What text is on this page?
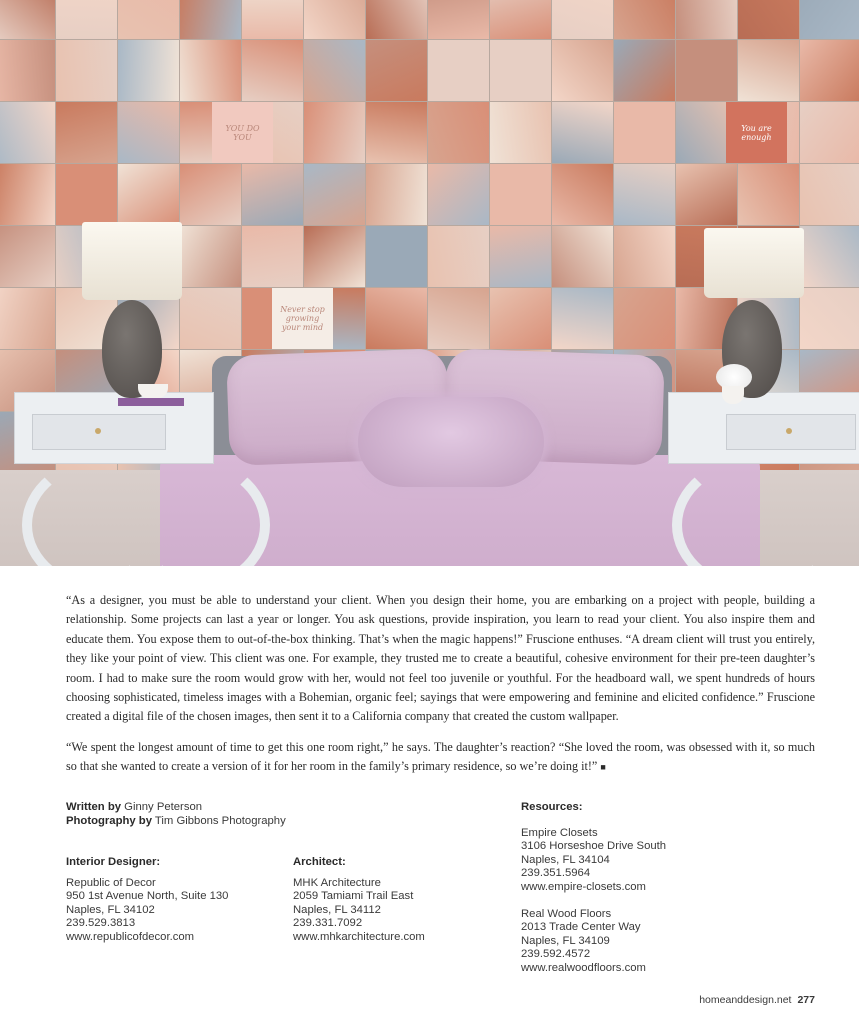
YOU DO YOU
You are enough
Never stop growing your mind

“As a designer, you must be able to understand your client. When you design their home, you are embarking on a project with people, building a relationship. Some projects can last a year or longer. You ask questions, provide inspiration, you learn to read your client. You also inspire them and educate them. You expose them to out-of-the-box thinking. That’s when the magic happens!” Fruscione enthuses. “A dream client will trust you entirely, they like your point of view. This client was one. For example, they trusted me to create a beautiful, cohesive environment for their pre-teen daughter’s room. I had to make sure the room would grow with her, would not feel too juvenile or youthful. For the headboard wall, we spent hundreds of hours choosing sophisticated, timeless images with a Bohemian, organic feel; sayings that were empowering and feminine and elicited confidence.” Fruscione created a digital file of the chosen images, then sent it to a California company that created the custom wallpaper.

“We spent the longest amount of time to get this one room right,” he says. The daughter’s reaction? “She loved the room, was obsessed with it, so much so that she wanted to create a version of it for her room in the family’s primary residence, so we’re doing it!” ■

Written by Ginny Peterson
Photography by Tim Gibbons Photography
Interior Designer:
Republic of Decor
950 1st Avenue North, Suite 130
Naples, FL 34102
239.529.3813
www.republicofdecor.com
Architect:
MHK Architecture
2059 Tamiami Trail East
Naples, FL 34112
239.331.7092
www.mhkarchitecture.com
Resources:
Empire Closets
3106 Horseshoe Drive South
Naples, FL 34104
239.351.5964
www.empire-closets.com
Real Wood Floors
2013 Trade Center Way
Naples, FL 34109
239.592.4572
www.realwoodfloors.com
homeanddesign.net 277
